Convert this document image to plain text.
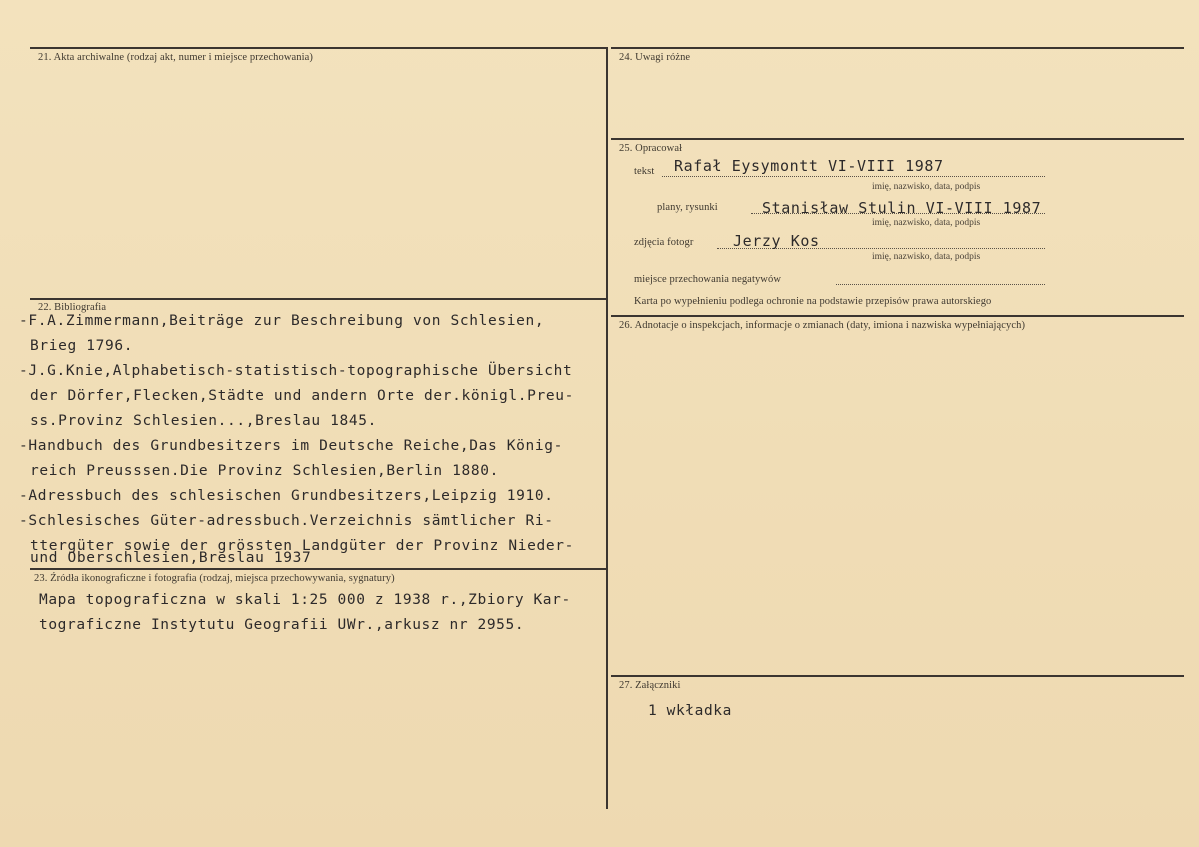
21. Akta archiwalne (rodzaj akt, numer i miejsce przechowania)
22. Bibliografia
-F.A.Zimmermann,Beiträge zur Beschreibung von Schlesien,
Brieg 1796.
-J.G.Knie,Alphabetisch-statistisch-topographische Übersicht
der Dörfer,Flecken,Städte und andern Orte der.königl.Preu-
ss.Provinz Schlesien...,Breslau 1845.
-Handbuch des Grundbesitzers im Deutsche Reiche,Das König-
reich Preusssen.Die Provinz Schlesien,Berlin 1880.
-Adressbuch des schlesischen Grundbesitzers,Leipzig 1910.
-Schlesisches Güter-adressbuch.Verzeichnis sämtlicher Ri-
ttergüter sowie der grössten Landgüter der Provinz Nieder-
und Oberschlesien,Breslau 1937
23. Źródła ikonograficzne i fotografia (rodzaj, miejsca przechowywania, sygnatury)
Mapa topograficzna w skali 1:25 000 z 1938 r.,Zbiory Kar-
tograficzne Instytutu Geografii UWr.,arkusz nr 2955.
24. Uwagi różne
25. Opracował
tekst Rafał Eysymontt VI-VIII 1987
imię, nazwisko, data, podpis
plany, rysunki	Stanisław Stulin VI-VIII 1987
imię, nazwisko, data, podpis
zdjęcia fotogr	Jerzy Kos
imię, nazwisko, data, podpis
miejsce przechowania negatywów
Karta po wypełnieniu podlega ochronie na podstawie przepisów prawa autorskiego
26. Adnotacje o inspekcjach, informacje o zmianach (daty, imiona i nazwiska wypełniających)
27. Załączniki
1 wkładka
